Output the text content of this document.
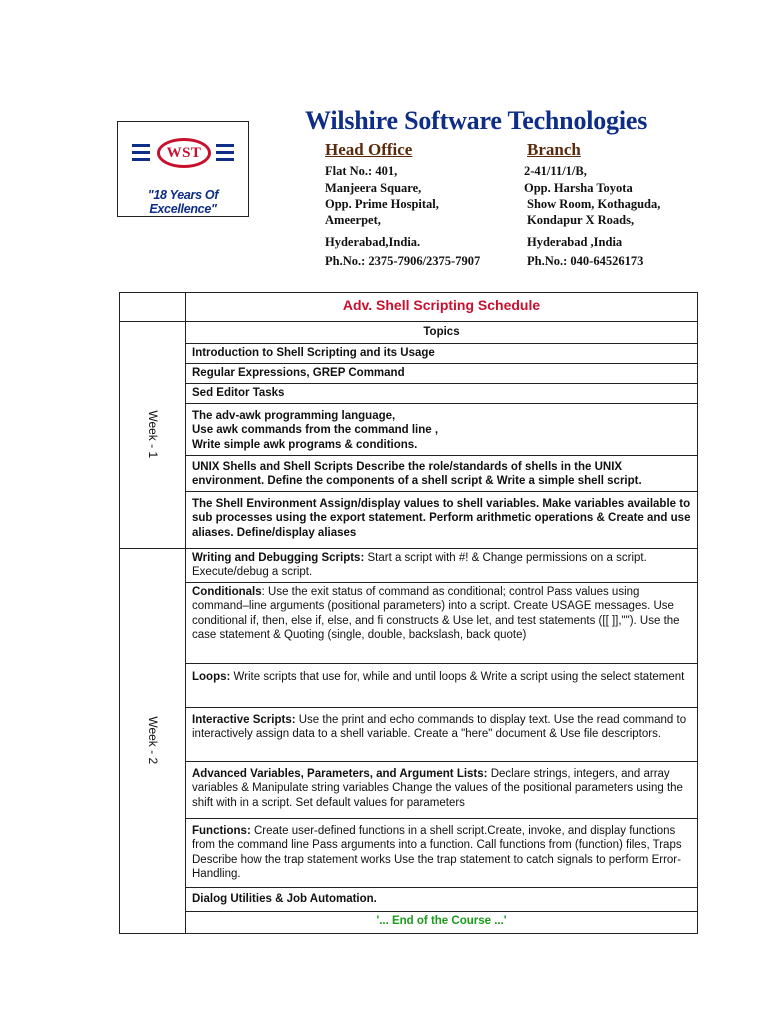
WST
"18 Years Of Excellence"
Wilshire Software Technologies
Head Office
Flat No.: 401,
Manjeera Square,
Opp. Prime Hospital,
Ameerpet,
Hyderabad,India.
Ph.No.: 2375-7906/2375-7907
Branch
2-41/11/1/B,
Opp. Harsha Toyota
Show Room, Kothaguda,
Kondapur X Roads,
Hyderabad ,India
Ph.No.: 040-64526173
	Adv. Shell Scripting Schedule
Week - 1	Topics
	Introduction to Shell Scripting and its Usage
	Regular Expressions, GREP Command
	Sed Editor Tasks

	The adv-awk programming language,
Use awk commands from the command line ,
Write simple awk programs & conditions.

	UNIX Shells and Shell Scripts Describe the role/standards of shells in the UNIX environment. Define the components of a shell script & Write a simple shell script.
	The Shell Environment Assign/display values to shell variables. Make variables available to sub processes using the export statement. Perform arithmetic operations & Create and use aliases. Define/display aliases
Week - 2	Writing and Debugging Scripts: Start a script with #! & Change permissions on a script. Execute/debug a script.
	Conditionals: Use the exit status of command as conditional; control Pass values using command–line arguments (positional parameters) into a script. Create USAGE messages. Use conditional if, then, else if, else, and fi constructs & Use let, and test statements ([[ ]],""). Use the case statement & Quoting (single, double, backslash, back quote)
	Loops: Write scripts that use for, while and until loops & Write a script using the select statement
	Interactive Scripts: Use the print and echo commands to display text. Use the read command to interactively assign data to a shell variable. Create a "here" document & Use file descriptors.
	Advanced Variables, Parameters, and Argument Lists: Declare strings, integers, and array variables & Manipulate string variables Change the values of the positional parameters using the shift with in a script. Set default values for parameters
	Functions: Create user-defined functions in a shell script.Create, invoke, and display functions from the command line Pass arguments into a function. Call functions from (function) files, Traps Describe how the trap statement works Use the trap statement to catch signals to perform Error-Handling.
	Dialog Utilities & Job Automation.
	'... End of the Course ...'
